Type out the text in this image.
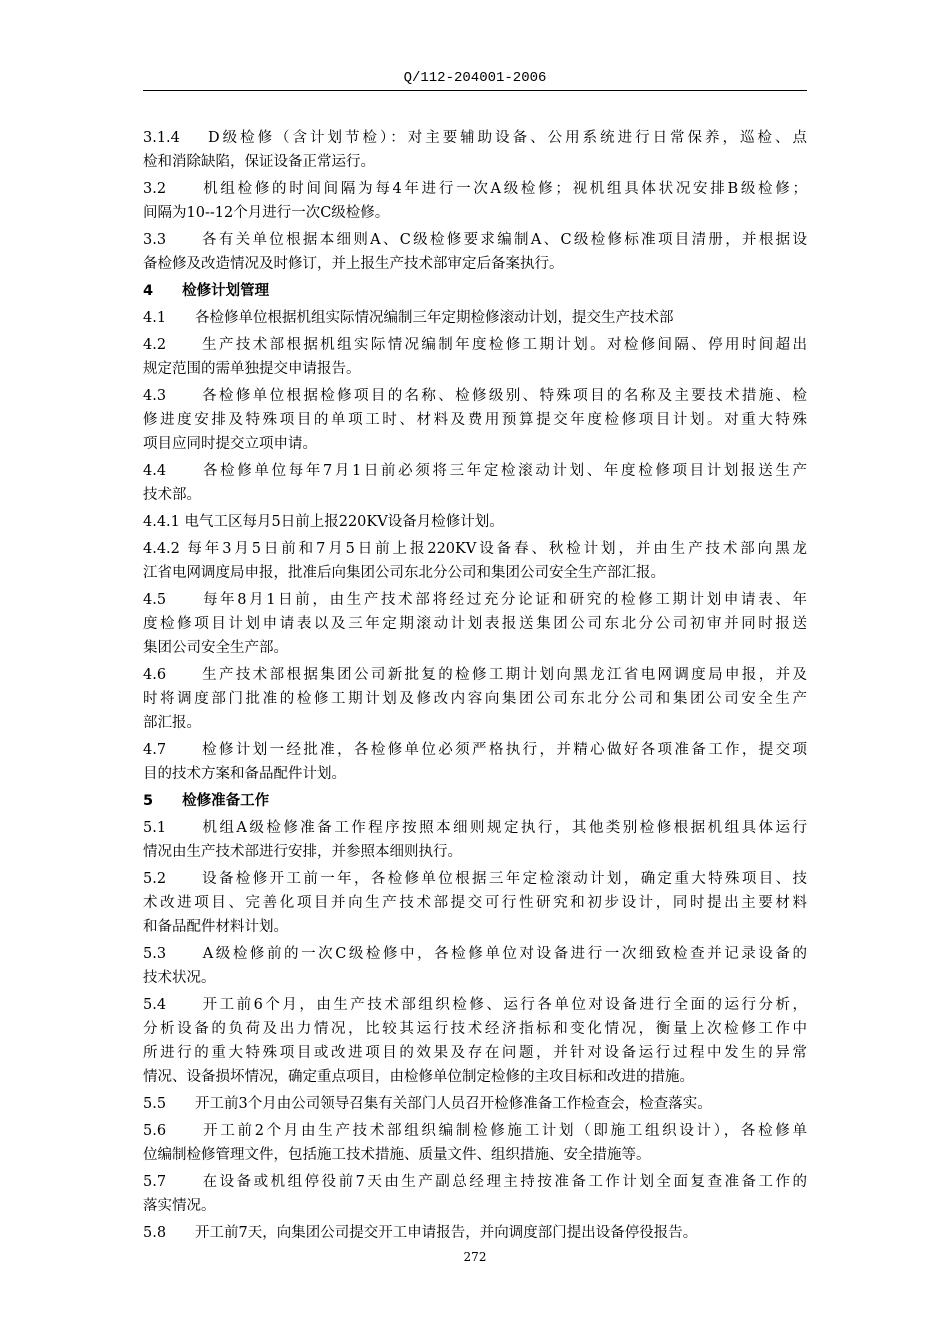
Q/112-204001-2006
3.1.4　 D级检修（含计划节检）：对主要辅助设备、公用系统进行日常保养，巡检、点
检和消除缺陷，保证设备正常运行。
3.2　　机组检修的时间间隔为每4年进行一次A级检修；视机组具体状况安排B级检修；
间隔为10--12个月进行一次C级检修。
3.3　　各有关单位根据本细则A、C级检修要求编制A、C级检修标准项目清册，并根据设
备检修及改造情况及时修订，并上报生产技术部审定后备案执行。
4　　检修计划管理
4.1　　各检修单位根据机组实际情况编制三年定期检修滚动计划，提交生产技术部
4.2　　生产技术部根据机组实际情况编制年度检修工期计划。对检修间隔、停用时间超出
规定范围的需单独提交申请报告。
4.3　　各检修单位根据检修项目的名称、检修级别、特殊项目的名称及主要技术措施、检
修进度安排及特殊项目的单项工时、材料及费用预算提交年度检修项目计划。对重大特殊
项目应同时提交立项申请。
4.4　　各检修单位每年7月1日前必须将三年定检滚动计划、年度检修项目计划报送生产
技术部。
4.4.1 电气工区每月5日前上报220KV设备月检修计划。
4.4.2 每年3月5日前和7月5日前上报220KV设备春、秋检计划，并由生产技术部向黑龙
江省电网调度局申报，批准后向集团公司东北分公司和集团公司安全生产部汇报。
4.5　　每年8月1日前，由生产技术部将经过充分论证和研究的检修工期计划申请表、年
度检修项目计划申请表以及三年定期滚动计划表报送集团公司东北分公司初审并同时报送
集团公司安全生产部。
4.6　　生产技术部根据集团公司新批复的检修工期计划向黑龙江省电网调度局申报，并及
时将调度部门批准的检修工期计划及修改内容向集团公司东北分公司和集团公司安全生产
部汇报。
4.7　　检修计划一经批准，各检修单位必须严格执行，并精心做好各项准备工作，提交项
目的技术方案和备品配件计划。
5　　检修准备工作
5.1　　机组A级检修准备工作程序按照本细则规定执行，其他类别检修根据机组具体运行
情况由生产技术部进行安排，并参照本细则执行。
5.2　　设备检修开工前一年，各检修单位根据三年定检滚动计划，确定重大特殊项目、技
术改进项目、完善化项目并向生产技术部提交可行性研究和初步设计，同时提出主要材料
和备品配件材料计划。
5.3　　A级检修前的一次C级检修中，各检修单位对设备进行一次细致检查并记录设备的
技术状况。
5.4　　开工前6个月，由生产技术部组织检修、运行各单位对设备进行全面的运行分析，
分析设备的负荷及出力情况，比较其运行技术经济指标和变化情况，衡量上次检修工作中
所进行的重大特殊项目或改进项目的效果及存在问题，并针对设备运行过程中发生的异常
情况、设备损坏情况，确定重点项目，由检修单位制定检修的主攻目标和改进的措施。
5.5　　开工前3个月由公司领导召集有关部门人员召开检修准备工作检查会，检查落实。
5.6　　开工前2个月由生产技术部组织编制检修施工计划（即施工组织设计），各检修单
位编制检修管理文件，包括施工技术措施、质量文件、组织措施、安全措施等。
5.7　　在设备或机组停役前7天由生产副总经理主持按准备工作计划全面复查准备工作的
落实情况。
5.8　　开工前7天，向集团公司提交开工申请报告，并向调度部门提出设备停役报告。
272
